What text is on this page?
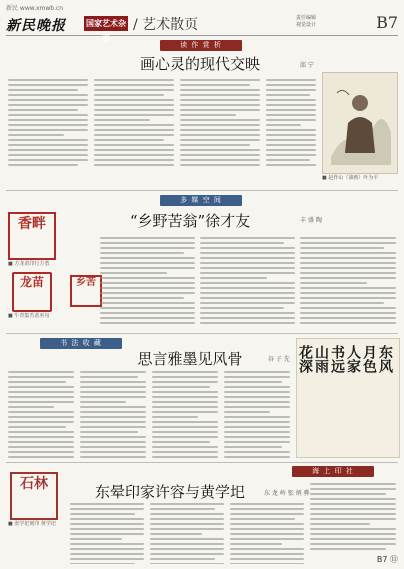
新民 www.xmwb.cn
新民晚报	国家艺术杂志
/ 艺术散页	责任编辑
视觉设计	B7
读 作 赏 析
画心灵的现代交映	邱 宁
■ 赵作山（油画）叶为平
多 媒 空 间
“乡野苦翁”徐才友	丰 盛 陶
香畔
■ 方龙苗印行方勇
龙苗
■ 牛青集苦恶巫旬
乡苦
书 法 收 藏
思言雅墨见风骨	谷 子 先	东风
月色
人家
书远
山雨
花深
海 上 印 社
东晕印家许容与黄学圯	东 龙 岭 张 炳 骅
石林
■ 张学圯刻印 黄学圯
B7 ⑪
